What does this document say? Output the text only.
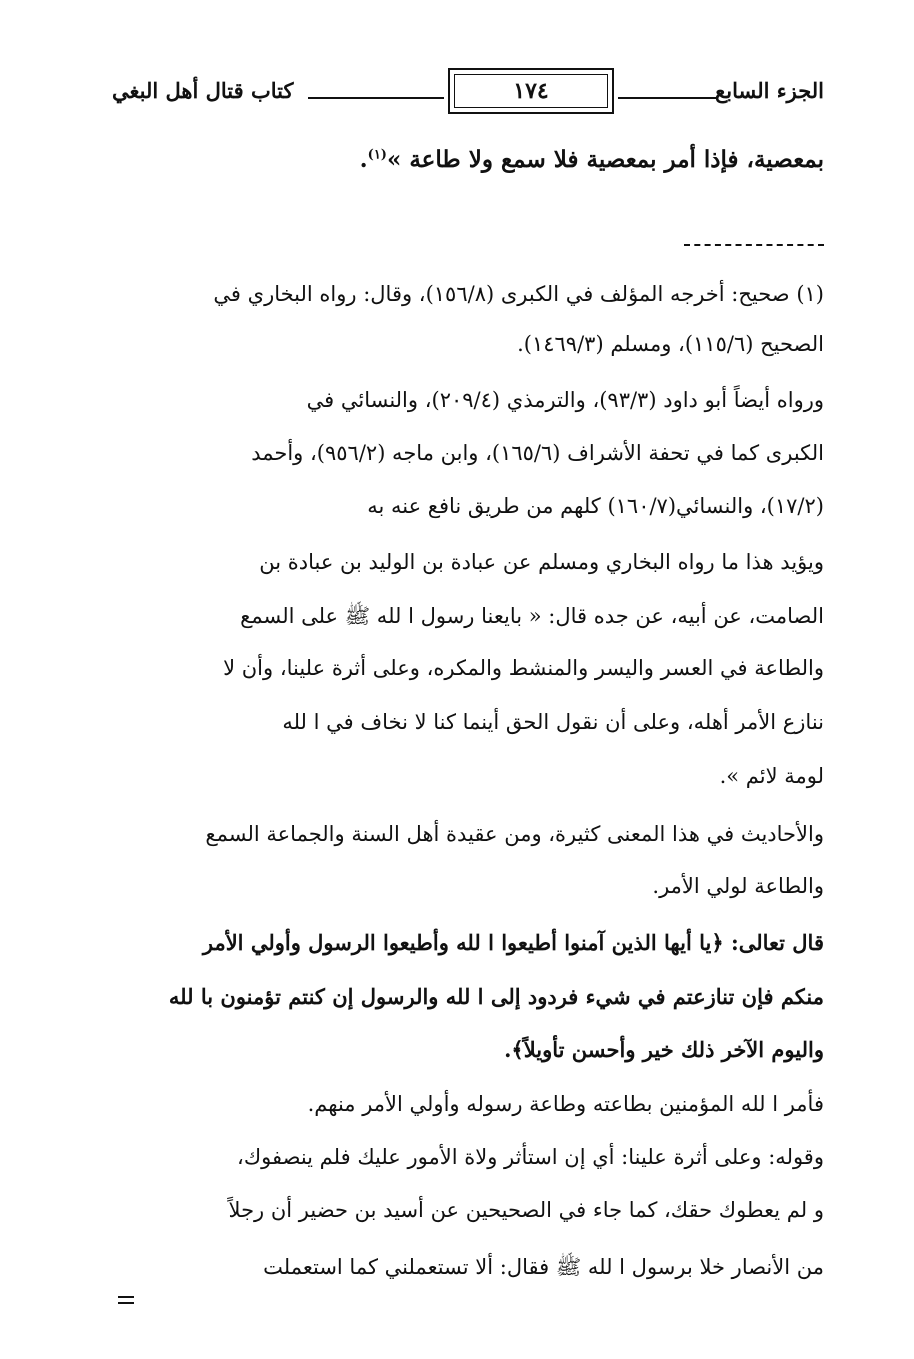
الجزء السابع
١٧٤
كتاب قتال أهل البغي
بمعصية، فإذا أمر بمعصية فلا سمع ولا طاعة »$^{(١)}$.
(١) صحيح: أخرجه المؤلف في الكبرى (١٥٦/٨)، وقال: رواه البخاري في
الصحيح (١١٥/٦)، ومسلم (١٤٦٩/٣).
ورواه أيضاً أبو داود (٩٣/٣)، والترمذي (٢٠٩/٤)، والنسائي في
الكبرى كما في تحفة الأشراف (١٦٥/٦)، وابن ماجه (٩٥٦/٢)، وأحمد
(١٧/٢)، والنسائي(١٦٠/٧) كلهم من طريق نافع عنه به
ويؤيد هذا ما رواه البخاري ومسلم عن عبادة بن الوليد بن عبادة بن
الصامت، عن أبيه، عن جده قال: « بايعنا رسول ا لله ﷺ على السمع
والطاعة في العسر واليسر والمنشط والمكره، وعلى أثرة علينا، وأن لا
ننازع الأمر أهله، وعلى أن نقول الحق أينما كنا لا نخاف في ا لله
لومة لائم ».
والأحاديث في هذا المعنى كثيرة، ومن عقيدة أهل السنة والجماعة السمع
والطاعة لولي الأمر.
قال تعالى: ﴿يا أيها الذين آمنوا أطيعوا ا لله وأطيعوا الرسول وأولي الأمر
منكم فإن تنازعتم في شيء فردود إلى ا لله والرسول إن كنتم تؤمنون با لله
واليوم الآخر ذلك خير وأحسن تأويلاً﴾.
فأمر ا لله المؤمنين بطاعته وطاعة رسوله وأولي الأمر منهم.
وقوله: وعلى أثرة علينا: أي إن استأثر ولاة الأمور عليك فلم ينصفوك،
و لم يعطوك حقك، كما جاء في الصحيحين عن أسيد بن حضير أن رجلاً
من الأنصار خلا برسول ا لله ﷺ فقال: ألا تستعملني كما استعملت
